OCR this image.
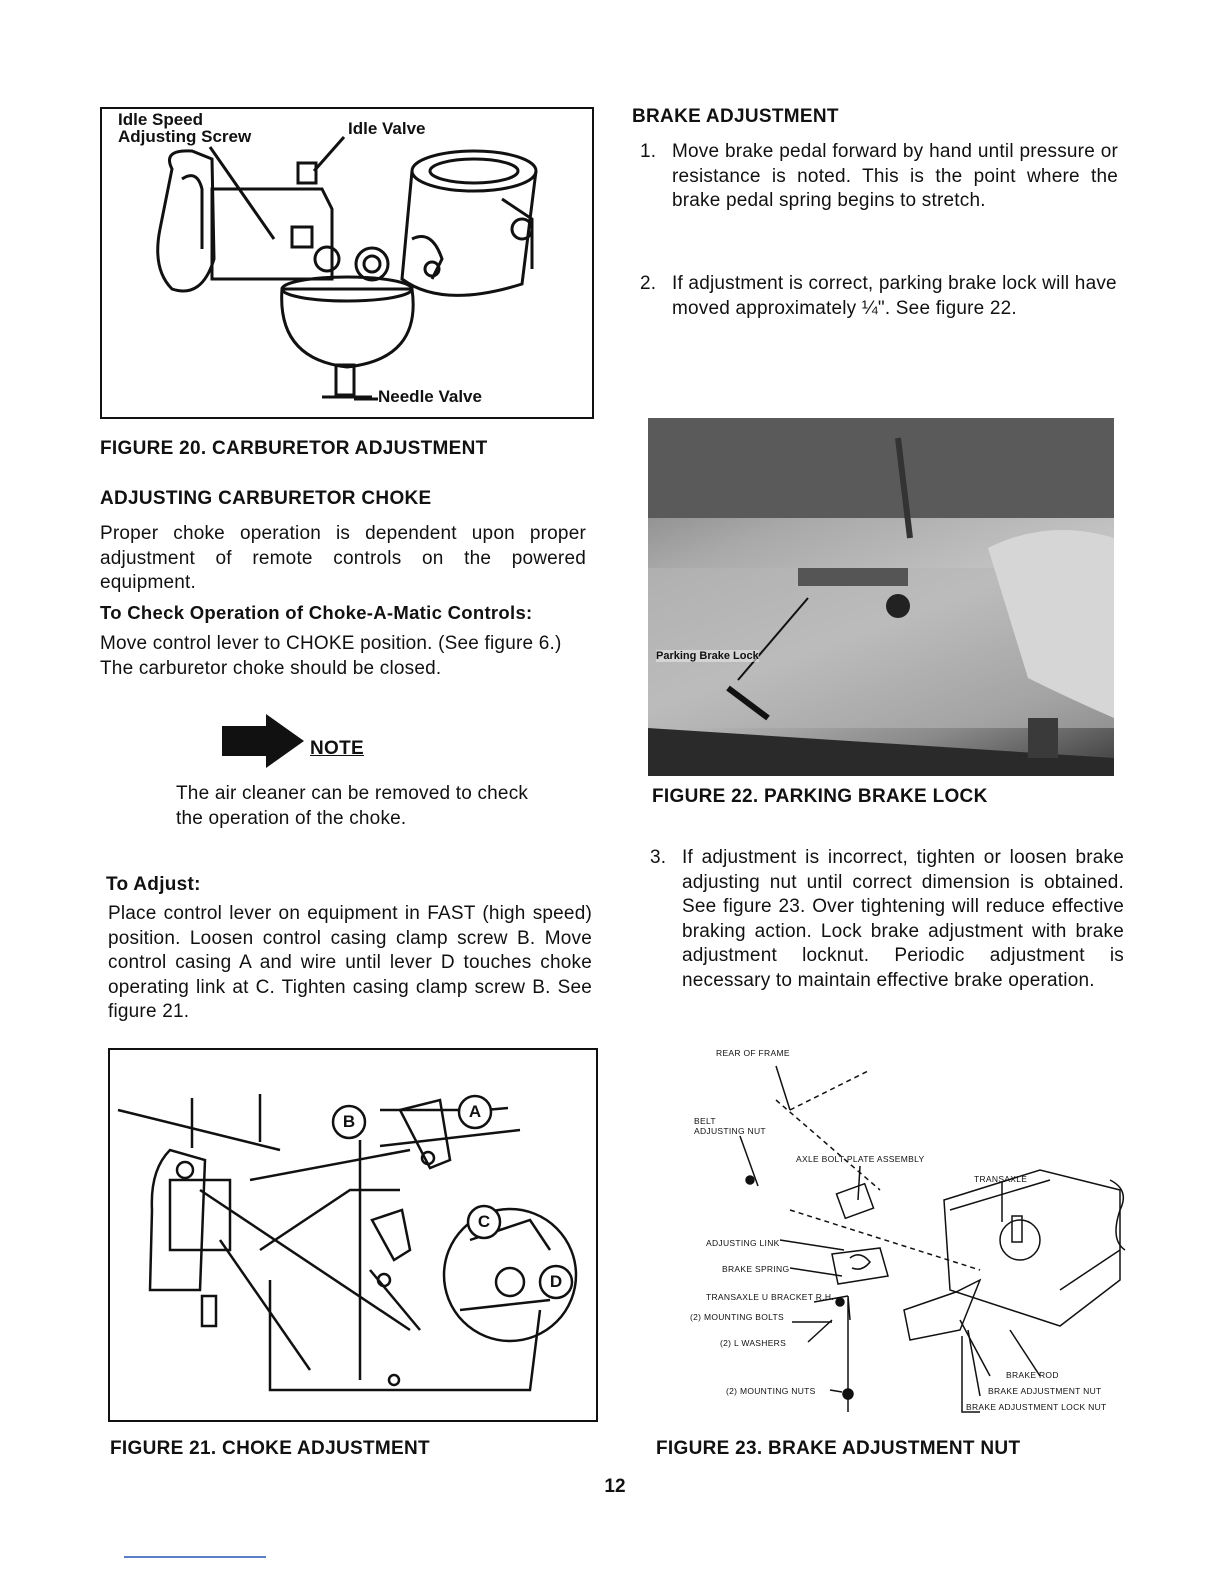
Idle Speed
Adjusting Screw	Idle Valve
Needle Valve
FIGURE 20. CARBURETOR ADJUSTMENT
ADJUSTING CARBURETOR CHOKE
Proper choke operation is dependent upon proper adjustment of remote controls on the powered equipment.
To Check Operation of Choke-A-Matic Controls:
Move control lever to CHOKE position. (See figure 6.) The carburetor choke should be closed.
NOTE
The air cleaner can be removed to check the operation of the choke.
To Adjust:
Place control lever on equipment in FAST (high speed) position. Loosen control casing clamp screw B. Move control casing A and wire until lever D touches choke operating link at C. Tighten casing clamp screw B. See figure 21.
B
A
C
D
FIGURE 21. CHOKE ADJUSTMENT
BRAKE ADJUSTMENT
1. Move brake pedal forward by hand until pressure or resistance is noted. This is the point where the brake pedal spring begins to stretch.
2. If adjustment is correct, parking brake lock will have moved approximately ¼". See figure 22.
Parking Brake Lock
FIGURE 22. PARKING BRAKE LOCK
3. If adjustment is incorrect, tighten or loosen brake adjusting nut until correct dimension is obtained. See figure 23. Over tightening will reduce effective braking action. Lock brake adjustment with brake adjustment locknut. Periodic adjustment is necessary to maintain effective brake operation.
REAR OF FRAME
BELT
ADJUSTING NUT
AXLE BOLT PLATE ASSEMBLY
TRANSAXLE
ADJUSTING LINK
BRAKE SPRING
TRANSAXLE U BRACKET R.H.
(2) MOUNTING BOLTS
(2) L WASHERS
(2) MOUNTING NUTS
BRAKE ROD
BRAKE ADJUSTMENT NUT
BRAKE ADJUSTMENT LOCK NUT
FIGURE 23. BRAKE ADJUSTMENT NUT
12
